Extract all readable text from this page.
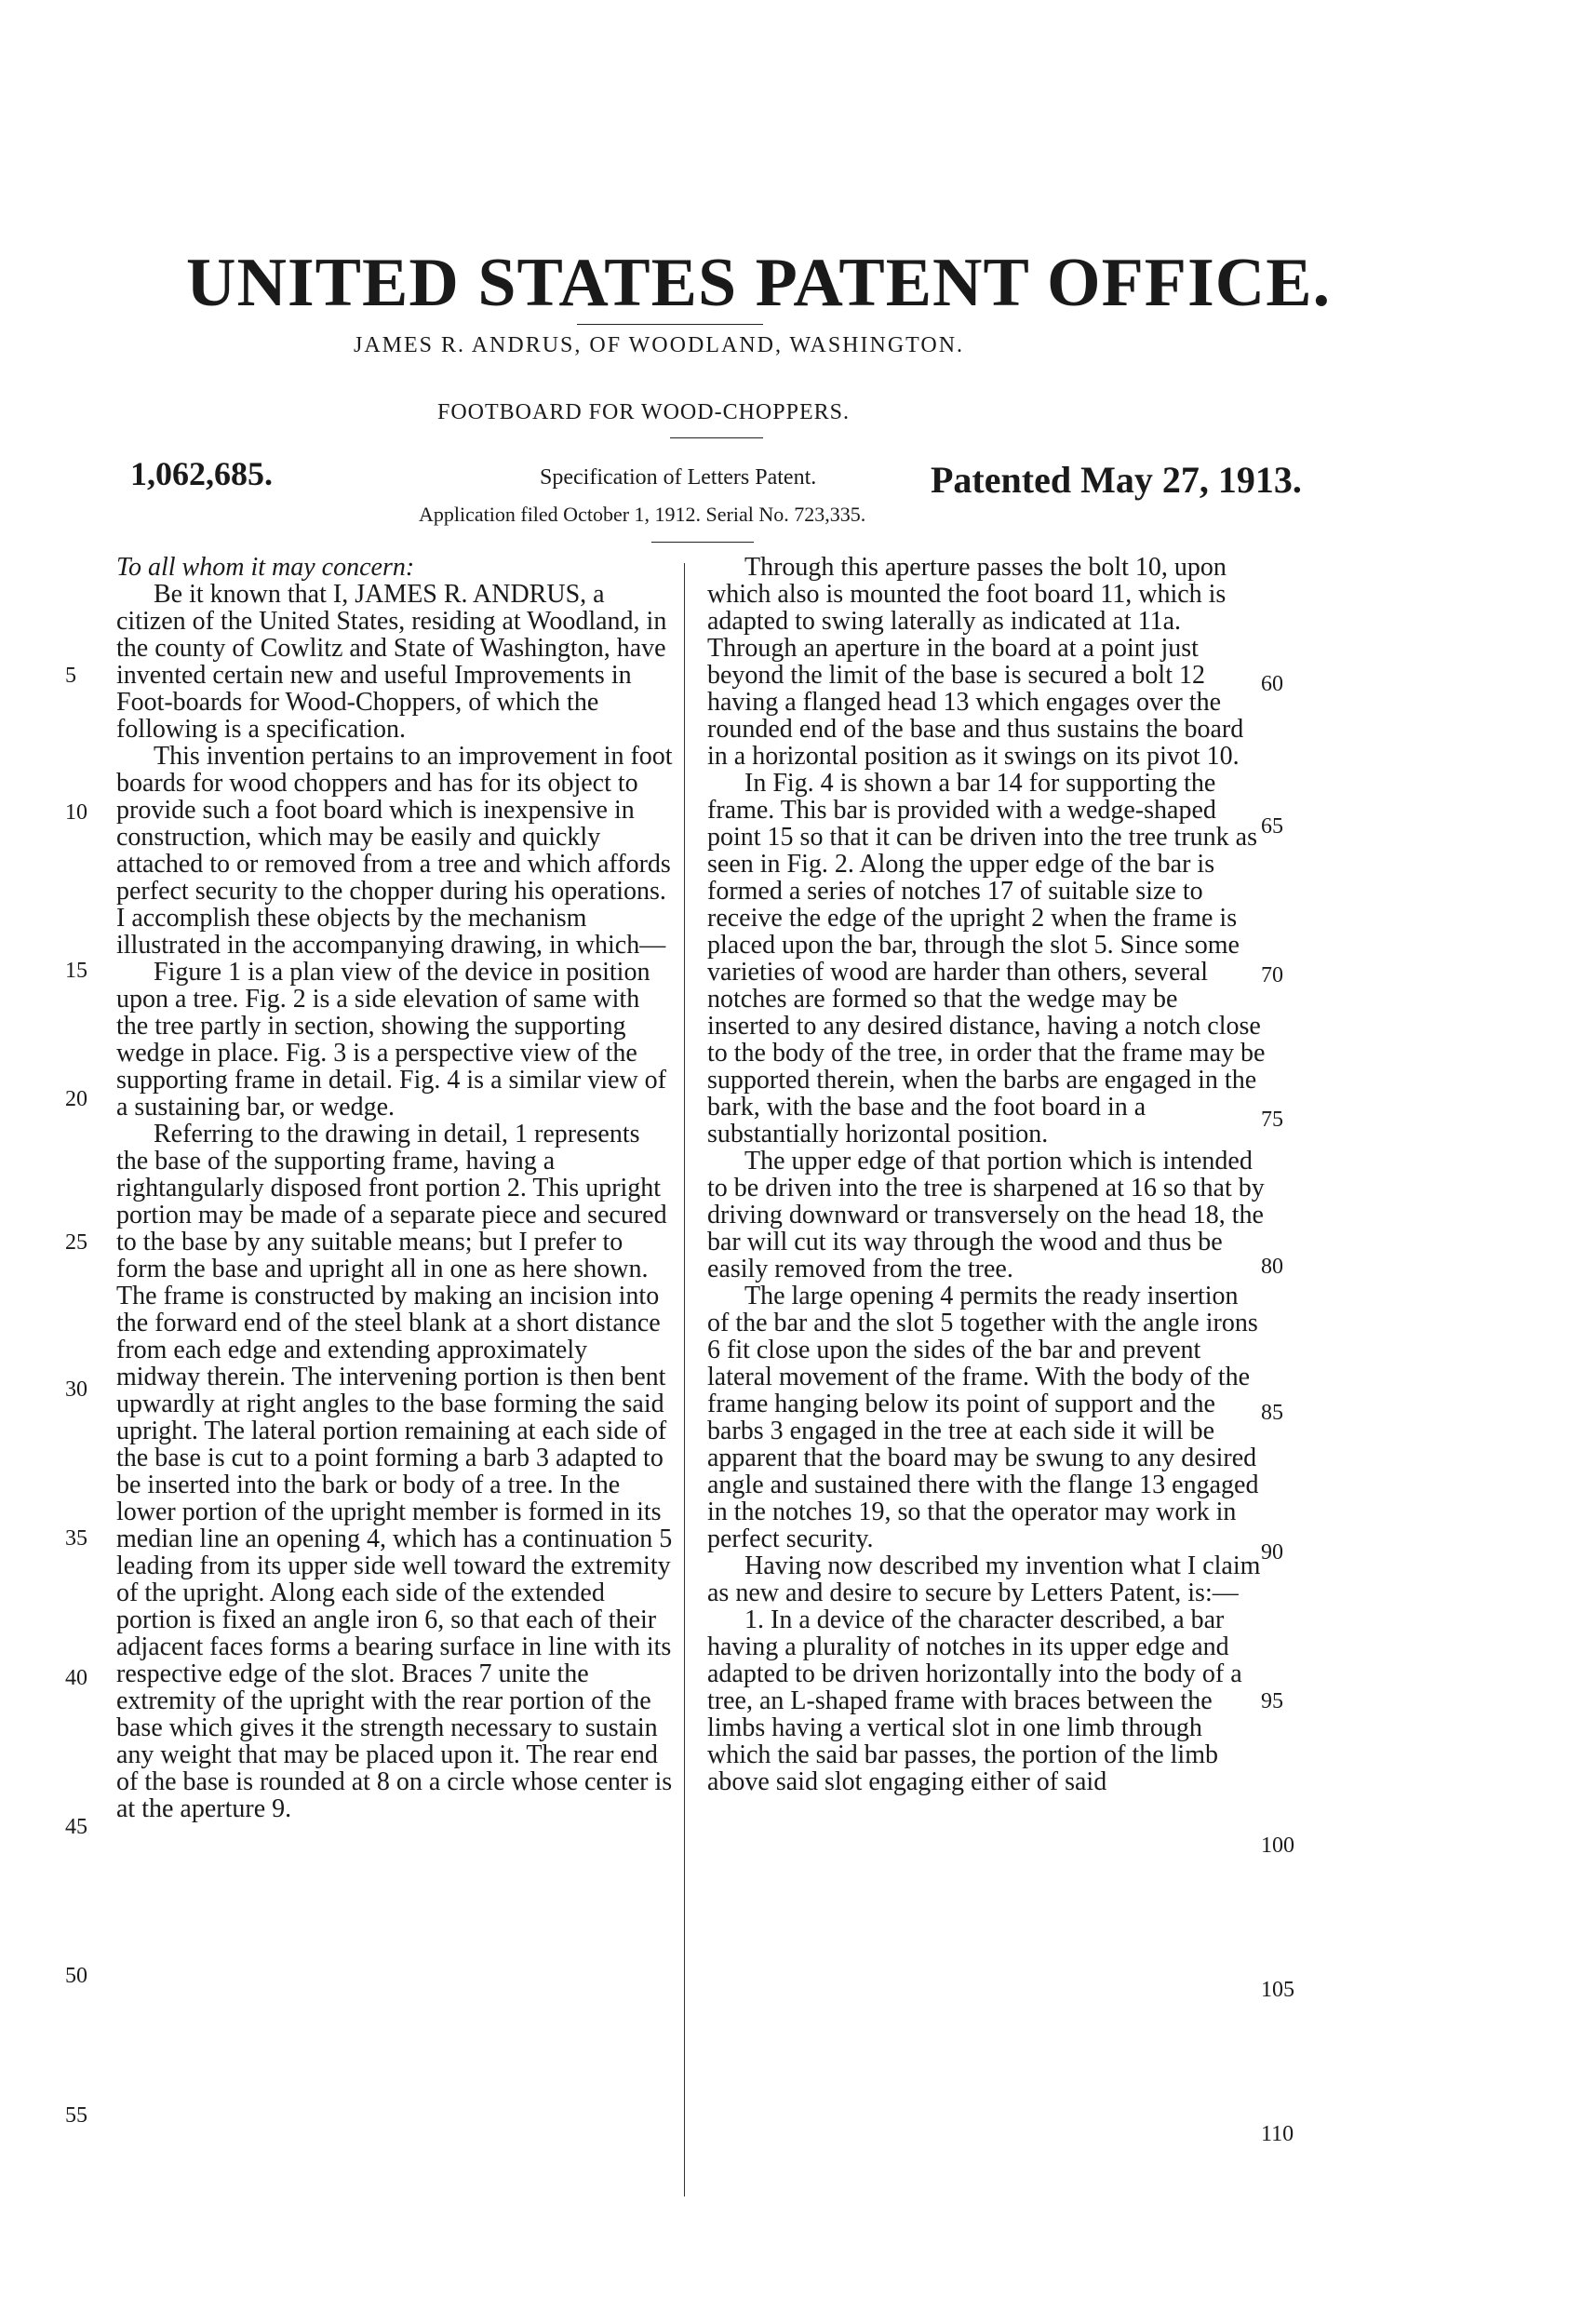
UNITED STATES PATENT OFFICE.
JAMES R. ANDRUS, OF WOODLAND, WASHINGTON.
FOOTBOARD FOR WOOD-CHOPPERS.
1,062,685.	Specification of Letters Patent.	Patented May 27, 1913.
Application filed October 1, 1912. Serial No. 723,335.

To all whom it may concern:

Be it known that I, JAMES R. ANDRUS, a citizen of the United States, residing at Woodland, in the county of Cowlitz and State of Washington, have invented certain new and useful Improvements in Foot-boards for Wood-Choppers, of which the following is a specification.

This invention pertains to an improvement in foot boards for wood choppers and has for its object to provide such a foot board which is inexpensive in construction, which may be easily and quickly attached to or removed from a tree and which affords perfect security to the chopper during his operations. I accomplish these objects by the mechanism illustrated in the accompanying drawing, in which—

Figure 1 is a plan view of the device in position upon a tree. Fig. 2 is a side elevation of same with the tree partly in section, showing the supporting wedge in place. Fig. 3 is a perspective view of the supporting frame in detail. Fig. 4 is a similar view of a sustaining bar, or wedge.

Referring to the drawing in detail, 1 represents the base of the supporting frame, having a rightangularly disposed front portion 2. This upright portion may be made of a separate piece and secured to the base by any suitable means; but I prefer to form the base and upright all in one as here shown. The frame is constructed by making an incision into the forward end of the steel blank at a short distance from each edge and extending approximately midway therein. The intervening portion is then bent upwardly at right angles to the base forming the said upright. The lateral portion remaining at each side of the base is cut to a point forming a barb 3 adapted to be inserted into the bark or body of a tree. In the lower portion of the upright member is formed in its median line an opening 4, which has a continuation 5 leading from its upper side well toward the extremity of the upright. Along each side of the extended portion is fixed an angle iron 6, so that each of their adjacent faces forms a bearing surface in line with its respective edge of the slot. Braces 7 unite the extremity of the upright with the rear portion of the base which gives it the strength necessary to sustain any weight that may be placed upon it. The rear end of the base is rounded at 8 on a circle whose center is at the aperture 9.

Through this aperture passes the bolt 10, upon which also is mounted the foot board 11, which is adapted to swing laterally as indicated at 11a. Through an aperture in the board at a point just beyond the limit of the base is secured a bolt 12 having a flanged head 13 which engages over the rounded end of the base and thus sustains the board in a horizontal position as it swings on its pivot 10.

In Fig. 4 is shown a bar 14 for supporting the frame. This bar is provided with a wedge-shaped point 15 so that it can be driven into the tree trunk as seen in Fig. 2. Along the upper edge of the bar is formed a series of notches 17 of suitable size to receive the edge of the upright 2 when the frame is placed upon the bar, through the slot 5. Since some varieties of wood are harder than others, several notches are formed so that the wedge may be inserted to any desired distance, having a notch close to the body of the tree, in order that the frame may be supported therein, when the barbs are engaged in the bark, with the base and the foot board in a substantially horizontal position.

The upper edge of that portion which is intended to be driven into the tree is sharpened at 16 so that by driving downward or transversely on the head 18, the bar will cut its way through the wood and thus be easily removed from the tree.

The large opening 4 permits the ready insertion of the bar and the slot 5 together with the angle irons 6 fit close upon the sides of the bar and prevent lateral movement of the frame. With the body of the frame hanging below its point of support and the barbs 3 engaged in the tree at each side it will be apparent that the board may be swung to any desired angle and sustained there with the flange 13 engaged in the notches 19, so that the operator may work in perfect security.

Having now described my invention what I claim as new and desire to secure by Letters Patent, is:—

1. In a device of the character described, a bar having a plurality of notches in its upper edge and adapted to be driven horizontally into the body of a tree, an L-shaped frame with braces between the limbs having a vertical slot in one limb through which the said bar passes, the portion of the limb above said slot engaging either of said

5
10
15
20
25
30
35
40
45
50
55
60
65
70
75
80
85
90
95
100
105
110
